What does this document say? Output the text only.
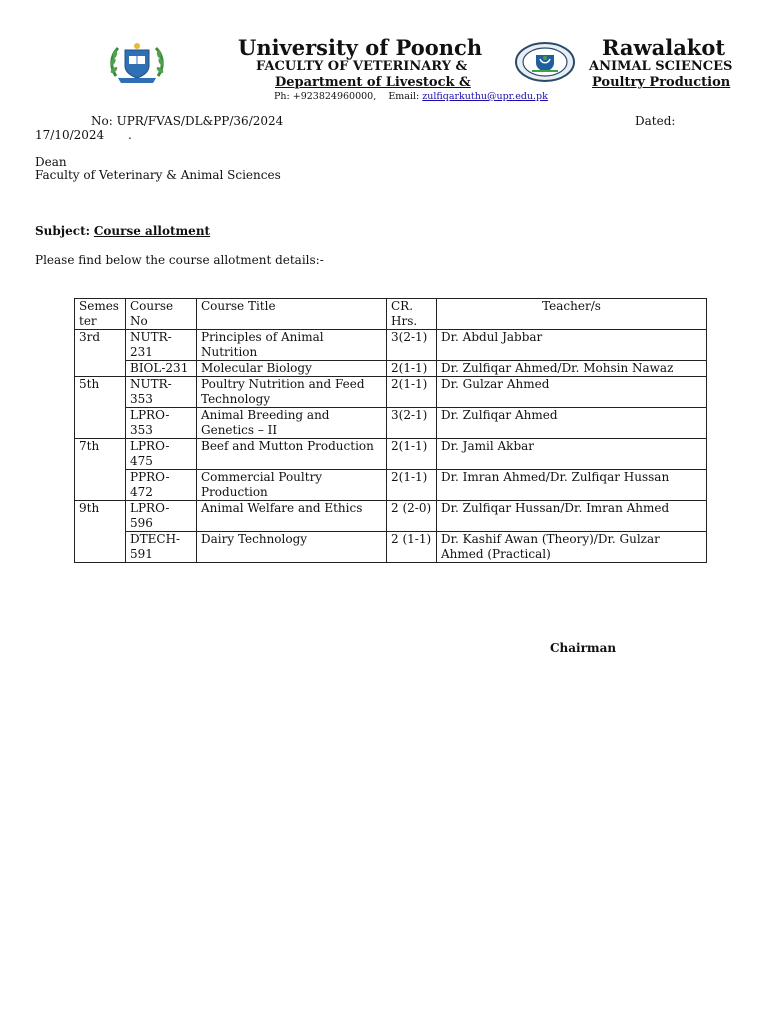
University of Poonch	Rawalakot
FACULTY OF VETERINARY &	ANIMAL SCIENCES
Department of Livestock &	Poultry Production
Ph: +923824960000, Email: zulfiqarkuthu@upr.edu.pk
No: UPR/FVAS/DL&PP/36/2024	Dated:
17/10/2024 .
Dean
Faculty of Veterinary & Animal Sciences
Subject: Course allotment
Please find below the course allotment details:-
Semes ter	Course No	Course Title	CR. Hrs.	Teacher/s
3rd	NUTR-231	Principles of Animal Nutrition	3(2-1)	Dr. Abdul Jabbar
	BIOL-231	Molecular Biology	2(1-1)	Dr. Zulfiqar Ahmed/Dr. Mohsin Nawaz
5th	NUTR-353	Poultry Nutrition and Feed Technology	2(1-1)	Dr. Gulzar Ahmed
	LPRO-353	Animal Breeding and Genetics – II	3(2-1)	Dr. Zulfiqar Ahmed
7th	LPRO-475	Beef and Mutton Production	2(1-1)	Dr. Jamil Akbar
	PPRO-472	Commercial Poultry Production	2(1-1)	Dr. Imran Ahmed/Dr. Zulfiqar Hussan
9th	LPRO-596	Animal Welfare and Ethics	2 (2-0)	Dr. Zulfiqar Hussan/Dr. Imran Ahmed
	DTECH-591	Dairy Technology	2 (1-1)	Dr. Kashif Awan (Theory)/Dr. Gulzar Ahmed (Practical)
Chairman
